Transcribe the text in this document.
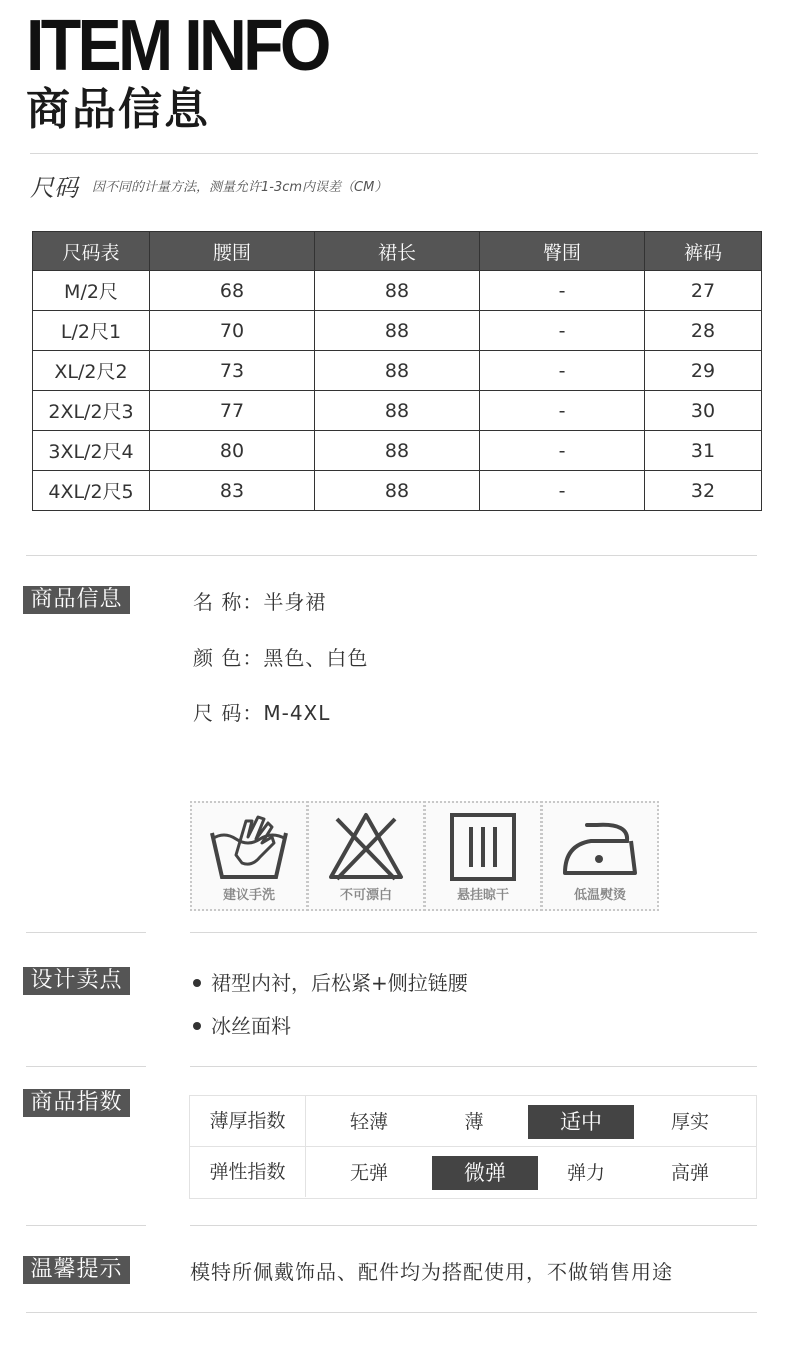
ITEM INFO
商品信息
尺码 因不同的计量方法，测量允许1-3cm内误差（CM）
尺码表	腰围	裙长	臀围	裤码
M/2尺	68	88	-	27
L/2尺1	70	88	-	28
XL/2尺2	73	88	-	29
2XL/2尺3	77	88	-	30
3XL/2尺4	80	88	-	31
4XL/2尺5	83	88	-	32
商品信息	名 称：半身裙
颜 色：黑色、白色
尺 码：M-4XL
建议手洗	不可漂白	悬挂晾干	低温熨烫
设计卖点	裙型内衬，后松紧+侧拉链腰
冰丝面料
商品指数
薄厚指数	轻薄	薄	适中	厚实
弹性指数	无弹	微弹	弹力	高弹
温馨提示	模特所佩戴饰品、配件均为搭配使用，不做销售用途
